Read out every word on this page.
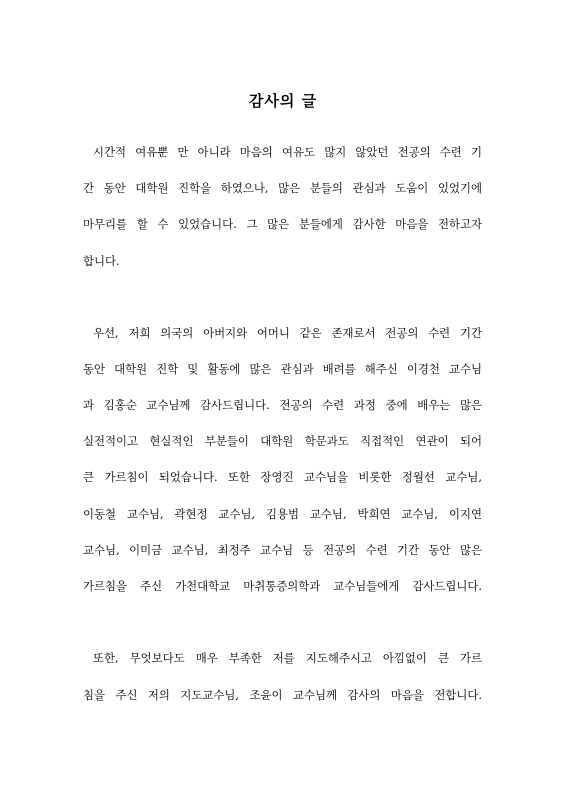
감사의 글
시간적 여유뿐 만 아니라 마음의 여유도 많지 않았던 전공의 수련 기
간 동안 대학원 진학을 하였으나, 많은 분들의 관심과 도움이 있었기에
마무리를 할 수 있었습니다. 그 많은 분들에게 감사한 마음을 전하고자
합니다.
우선, 저희 의국의 아버지와 어머니 같은 존재로서 전공의 수련 기간
동안 대학원 진학 및 활동에 많은 관심과 배려를 해주신 이경천 교수님
과 김홍순 교수님께 감사드립니다. 전공의 수련 과정 중에 배우는 많은
실전적이고 현실적인 부분들이 대학원 학문과도 직접적인 연관이 되어
큰 가르침이 되었습니다. 또한 장영진 교수님을 비롯한 정월선 교수님,
이동철 교수님, 곽현정 교수님, 김용범 교수님, 박희연 교수님, 이지연
교수님, 이미금 교수님, 최정주 교수님 등 전공의 수련 기간 동안 많은
가르침을 주신 가천대학교 마취통증의학과 교수님들에게 감사드립니다.
또한, 무엇보다도 매우 부족한 저를 지도해주시고 아낌없이 큰 가르
침을 주신 저의 지도교수님, 조윤이 교수님께 감사의 마음을 전합니다.
